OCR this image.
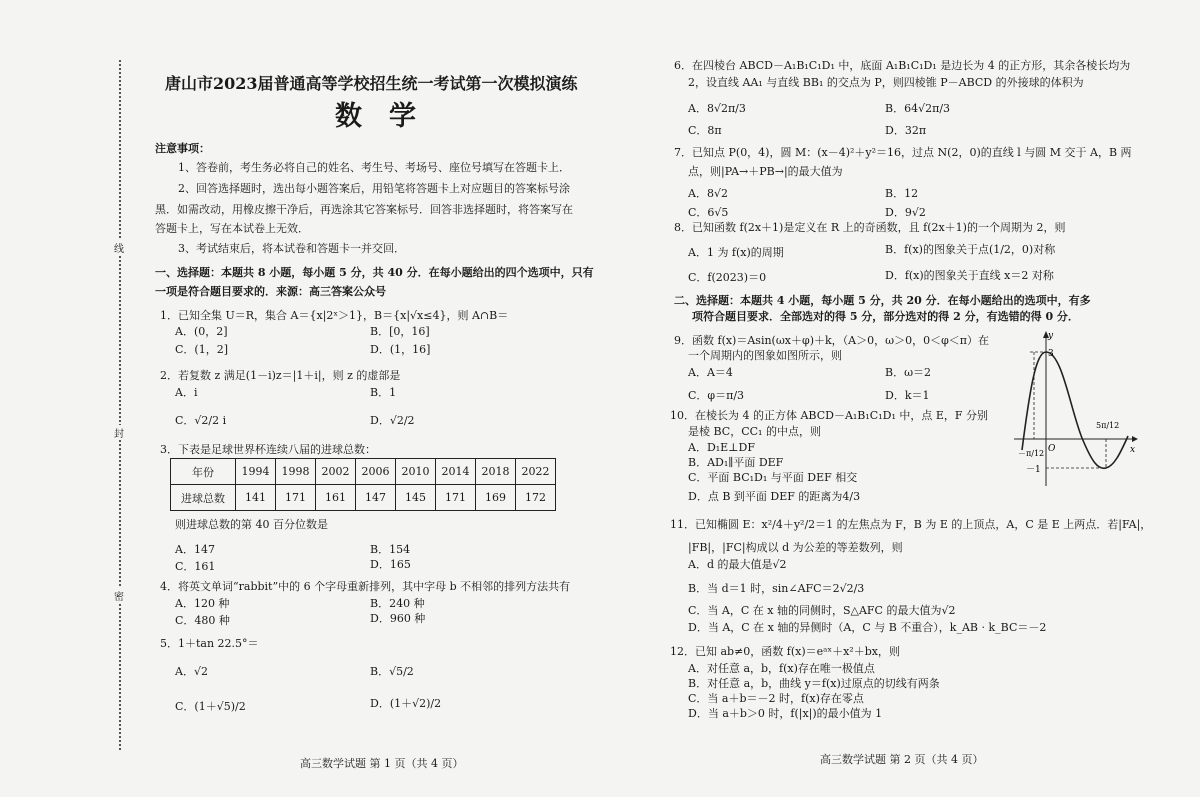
线
封
密
唐山市2023届普通高等学校招生统一考试第一次模拟演练
数　学
注意事项：
1、答卷前，考生务必将自己的姓名、考生号、考场号、座位号填写在答题卡上．
2、回答选择题时，选出每小题答案后，用铅笔将答题卡上对应题目的答案标号涂
黑．如需改动，用橡皮擦干净后，再选涂其它答案标号．回答非选择题时，将答案写在
答题卡上，写在本试卷上无效．
3、考试结束后，将本试卷和答题卡一并交回．
一、选择题：本题共 8 小题，每小题 5 分，共 40 分．在每小题给出的四个选项中，只有
一项是符合题目要求的．来源：高三答案公众号
1．已知全集 U＝R，集合 A＝{x|2ˣ＞1}，B＝{x|√x≤4}，则 A∩B＝
A．(0，2]	B．[0，16]
C．(1，2]	D．(1，16]
2．若复数 z 满足(1－i)z＝|1＋i|，则 z 的虚部是
A．i	B．1
C．√2/2 i	D．√2/2
3．下表是足球世界杯连续八届的进球总数：
年份	1994	1998	2002	2006	2010	2014	2018	2022
进球总数	141	171	161	147	145	171	169	172
则进球总数的第 40 百分位数是
A．147	B．154
C．161	D．165
4．将英文单词“rabbit”中的 6 个字母重新排列，其中字母 b 不相邻的排列方法共有
A．120 种	B．240 种
C．480 种	D．960 种
5．1＋tan 22.5°＝
A．√2	B．√5/2
C．(1＋√5)/2	D．(1＋√2)/2
高三数学试题 第 1 页（共 4 页）
6．在四棱台 ABCD－A₁B₁C₁D₁ 中，底面 A₁B₁C₁D₁ 是边长为 4 的正方形，其余各棱长均为
2，设直线 AA₁ 与直线 BB₁ 的交点为 P，则四棱锥 P－ABCD 的外接球的体积为
A．8√2π/3	B．64√2π/3
C．8π	D．32π
7．已知点 P(0，4)，圆 M：(x－4)²＋y²＝16，过点 N(2，0)的直线 l 与圆 M 交于 A，B 两
点，则|PA→＋PB→|的最大值为
A．8√2	B．12
C．6√5	D．9√2
8．已知函数 f(2x＋1)是定义在 R 上的奇函数，且 f(2x＋1)的一个周期为 2，则
A．1 为 f(x)的周期	B．f(x)的图象关于点(1/2，0)对称
C．f(2023)＝0	D．f(x)的图象关于直线 x＝2 对称
二、选择题：本题共 4 小题，每小题 5 分，共 20 分．在每小题给出的选项中，有多
项符合题目要求．全部选对的得 5 分，部分选对的得 2 分，有选错的得 0 分．
9．函数 f(x)＝Asin(ωx＋φ)＋k，（A＞0，ω＞0，0＜φ＜π）在
一个周期内的图象如图所示，则
A．A＝4	B．ω＝2
C．φ＝π/3	D．k＝1
y
x
O
3
－1
－π/12
5π/12
10．在棱长为 4 的正方体 ABCD－A₁B₁C₁D₁ 中，点 E，F 分别
是棱 BC，CC₁ 的中点，则
A．D₁E⊥DF
B．AD₁∥平面 DEF
C．平面 BC₁D₁ 与平面 DEF 相交
D．点 B 到平面 DEF 的距离为4/3
11．已知椭圆 E：x²/4＋y²/2＝1 的左焦点为 F，B 为 E 的上顶点，A，C 是 E 上两点．若|FA|，
|FB|，|FC|构成以 d 为公差的等差数列，则
A．d 的最大值是√2
B．当 d＝1 时，sin∠AFC＝2√2/3
C．当 A，C 在 x 轴的同侧时，S△AFC 的最大值为√2
D．当 A，C 在 x 轴的异侧时（A，C 与 B 不重合），k_AB · k_BC＝－2
12．已知 ab≠0，函数 f(x)＝eᵃˣ＋x²＋bx，则
A．对任意 a，b，f(x)存在唯一极值点
B．对任意 a，b，曲线 y＝f(x)过原点的切线有两条
C．当 a＋b＝－2 时，f(x)存在零点
D．当 a＋b＞0 时，f(|x|)的最小值为 1
高三数学试题 第 2 页（共 4 页）
